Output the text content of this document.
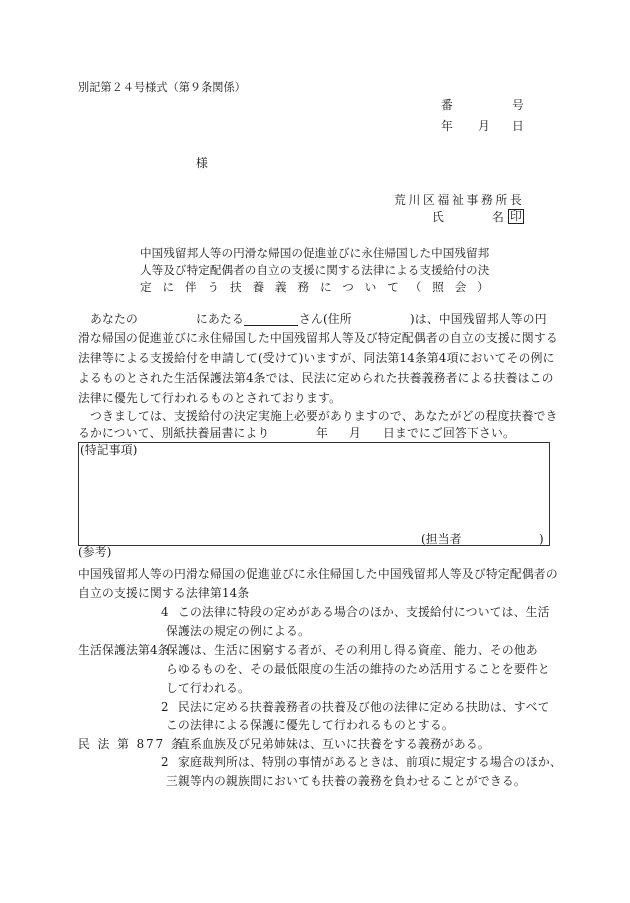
別記第２４号様式（第９条関係）
番	号
年 月 日
様
荒川区福祉事務所長
氏	名 印
中国残留邦人等の円滑な帰国の促進並びに永住帰国した中国残留邦
人等及び特定配偶者の自立の支援に関する法律による支援給付の決
定に伴う扶養義務について（照会）
あなたの	にあたる	さん(住所	)は、中国残留邦人等の円
滑な帰国の促進並びに永住帰国した中国残留邦人等及び特定配偶者の自立の支援に関する
法律等による支援給付を申請して(受けて)いますが、同法第14条第4項においてその例に
よるものとされた生活保護法第4条では、民法に定められた扶養義務者による扶養はこの
法律に優先して行われるものとされております。
つきましては、支援給付の決定実施上必要がありますので、あなたがどの程度扶養でき
るかについて、別紙扶養届書により	年 月 日までにご回答下さい。
(特記事項)
(担当者	)
(参考)
中国残留邦人等の円滑な帰国の促進並びに永住帰国した中国残留邦人等及び特定配偶者の
自立の支援に関する法律第14条
4 この法律に特段の定めがある場合のほか、支援給付については、生活
保護法の規定の例による。
生活保護法第4条
保護は、生活に困窮する者が、その利用し得る資産、能力、その他あ
らゆるものを、その最低限度の生活の維持のため活用することを要件と
して行われる。
2 民法に定める扶養義務者の扶養及び他の法律に定める扶助は、すべて
この法律による保護に優先して行われるものとする。
民 法 第 877 条
直系血族及び兄弟姉妹は、互いに扶養をする義務がある。
2 家庭裁判所は、特別の事情があるときは、前項に規定する場合のほか、
三親等内の親族間においても扶養の義務を負わせることができる。
